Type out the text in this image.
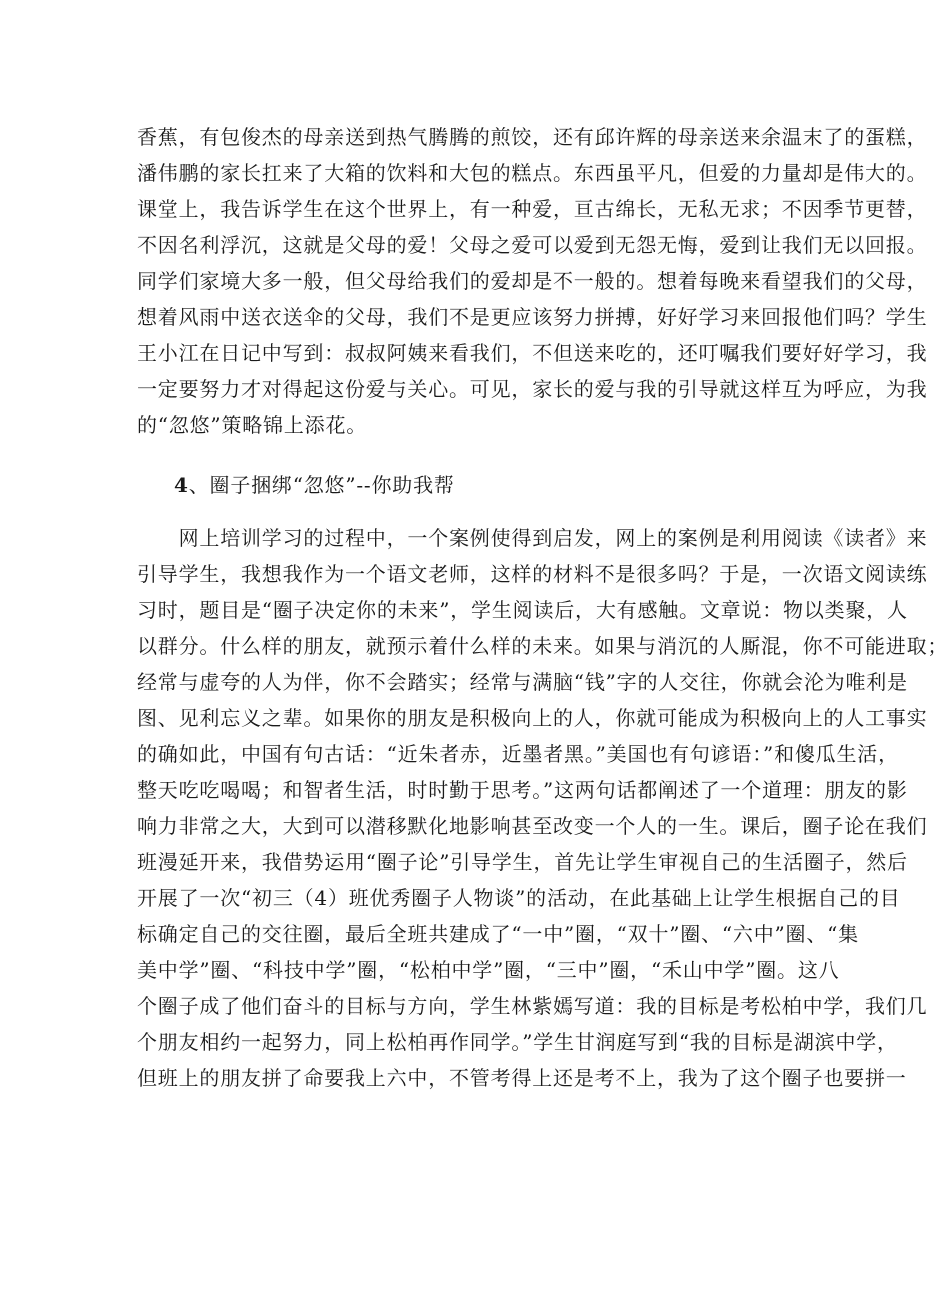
香蕉，有包俊杰的母亲送到热气腾腾的煎饺，还有邱许辉的母亲送来余温末了的蛋糕，
潘伟鹏的家长扛来了大箱的饮料和大包的糕点。东西虽平凡，但爱的力量却是伟大的。
课堂上，我告诉学生在这个世界上，有一种爱，亘古绵长，无私无求；不因季节更替，
不因名利浮沉，这就是父母的爱！父母之爱可以爱到无怨无悔，爱到让我们无以回报。
同学们家境大多一般，但父母给我们的爱却是不一般的。想着每晚来看望我们的父母，
想着风雨中送衣送伞的父母，我们不是更应该努力拼搏，好好学习来回报他们吗？学生
王小江在日记中写到：叔叔阿姨来看我们，不但送来吃的，还叮嘱我们要好好学习，我
一定要努力才对得起这份爱与关心。可见，家长的爱与我的引导就这样互为呼应，为我
的“忽悠”策略锦上添花。
4、圈子捆绑“忽悠”--你助我帮
　　网上培训学习的过程中，一个案例使得到启发，网上的案例是利用阅读《读者》来
引导学生，我想我作为一个语文老师，这样的材料不是很多吗？于是，一次语文阅读练
习时，题目是“圈子决定你的未来”，学生阅读后，大有感触。文章说：物以类聚，人
以群分。什么样的朋友，就预示着什么样的未来。如果与消沉的人厮混，你不可能进取；
经常与虚夸的人为伴，你不会踏实；经常与满脑“钱”字的人交往，你就会沦为唯利是
图、见利忘义之辈。如果你的朋友是积极向上的人，你就可能成为积极向上的人工事实
的确如此，中国有句古话：“近朱者赤，近墨者黑。”美国也有句谚语：”和傻瓜生活，
整天吃吃喝喝；和智者生活，时时勤于思考。”这两句话都阐述了一个道理：朋友的影
响力非常之大，大到可以潜移默化地影响甚至改变一个人的一生。课后，圈子论在我们
班漫延开来，我借势运用“圈子论”引导学生，首先让学生审视自己的生活圈子，然后
开展了一次“初三（4）班优秀圈子人物谈”的活动，在此基础上让学生根据自己的目
标确定自己的交往圈，最后全班共建成了“一中”圈，“双十”圈、“六中”圈、“集
美中学”圈、“科技中学”圈，“松柏中学”圈，“三中”圈，“禾山中学”圈。这八
个圈子成了他们奋斗的目标与方向，学生林紫嫣写道：我的目标是考松柏中学，我们几
个朋友相约一起努力，同上松柏再作同学。”学生甘润庭写到“我的目标是湖滨中学，
但班上的朋友拼了命要我上六中，不管考得上还是考不上，我为了这个圈子也要拼一
